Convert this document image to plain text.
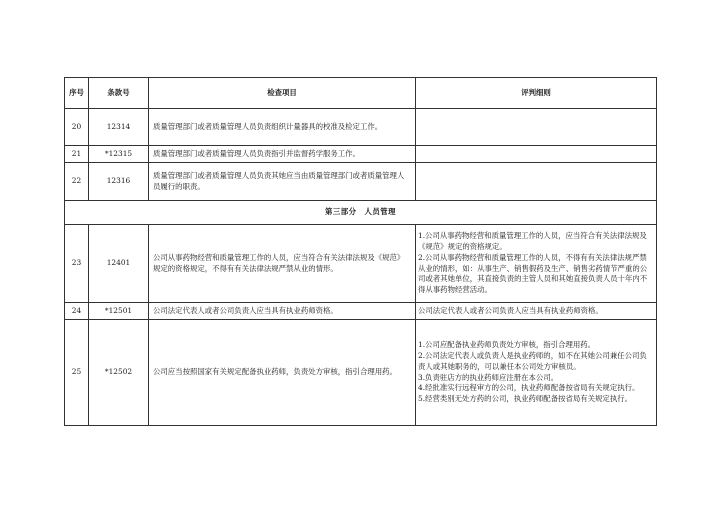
序号	条款号	检查项目	评判细则
20	12314	质量管理部门或者质量管理人员负责组织计量器具的校准及检定工作。	
21	*12315	质量管理部门或者质量管理人员负责指引并监督药学服务工作。	
22	12316	质量管理部门或者质量管理人员负责其她应当由质量管理部门或者质量管理人员履行的职责。	
第三部分　人员管理			
23	12401	公司从事药物经营和质量管理工作的人员，应当符合有关法律法规及《规范》规定的资格规定，不得有有关法律法规严禁从业的情形。	1.公司从事药物经营和质量管理工作的人员，应当符合有关法律法规及《规范》规定的资格规定。
2.公司从事药物经营和质量管理工作的人员，不得有有关法律法规严禁从业的情形，如：从事生产、销售假药及生产、销售劣药情节严重的公司或者其她单位，其直接负责的主管人员和其她直接负责人员十年内不得从事药物经营活动。

24	*12501	公司法定代表人或者公司负责人应当具有执业药师资格。	公司法定代表人或者公司负责人应当具有执业药师资格。

25	*12502	公司应当按照国家有关规定配备执业药师，负责处方审核，指引合理用药。	1.公司应配备执业药师负责处方审核，指引合理用药。
2.公司法定代表人或负责人是执业药师的，如不在其她公司兼任公司负责人或其她职务的，可以兼任本公司处方审核员。
3.负责驻店方的执业药师应注册在本公司。
4.经批准实行远程审方的公司，执业药师配备按省局有关规定执行。
5.经营类别无处方药的公司，执业药师配备按省局有关规定执行。
